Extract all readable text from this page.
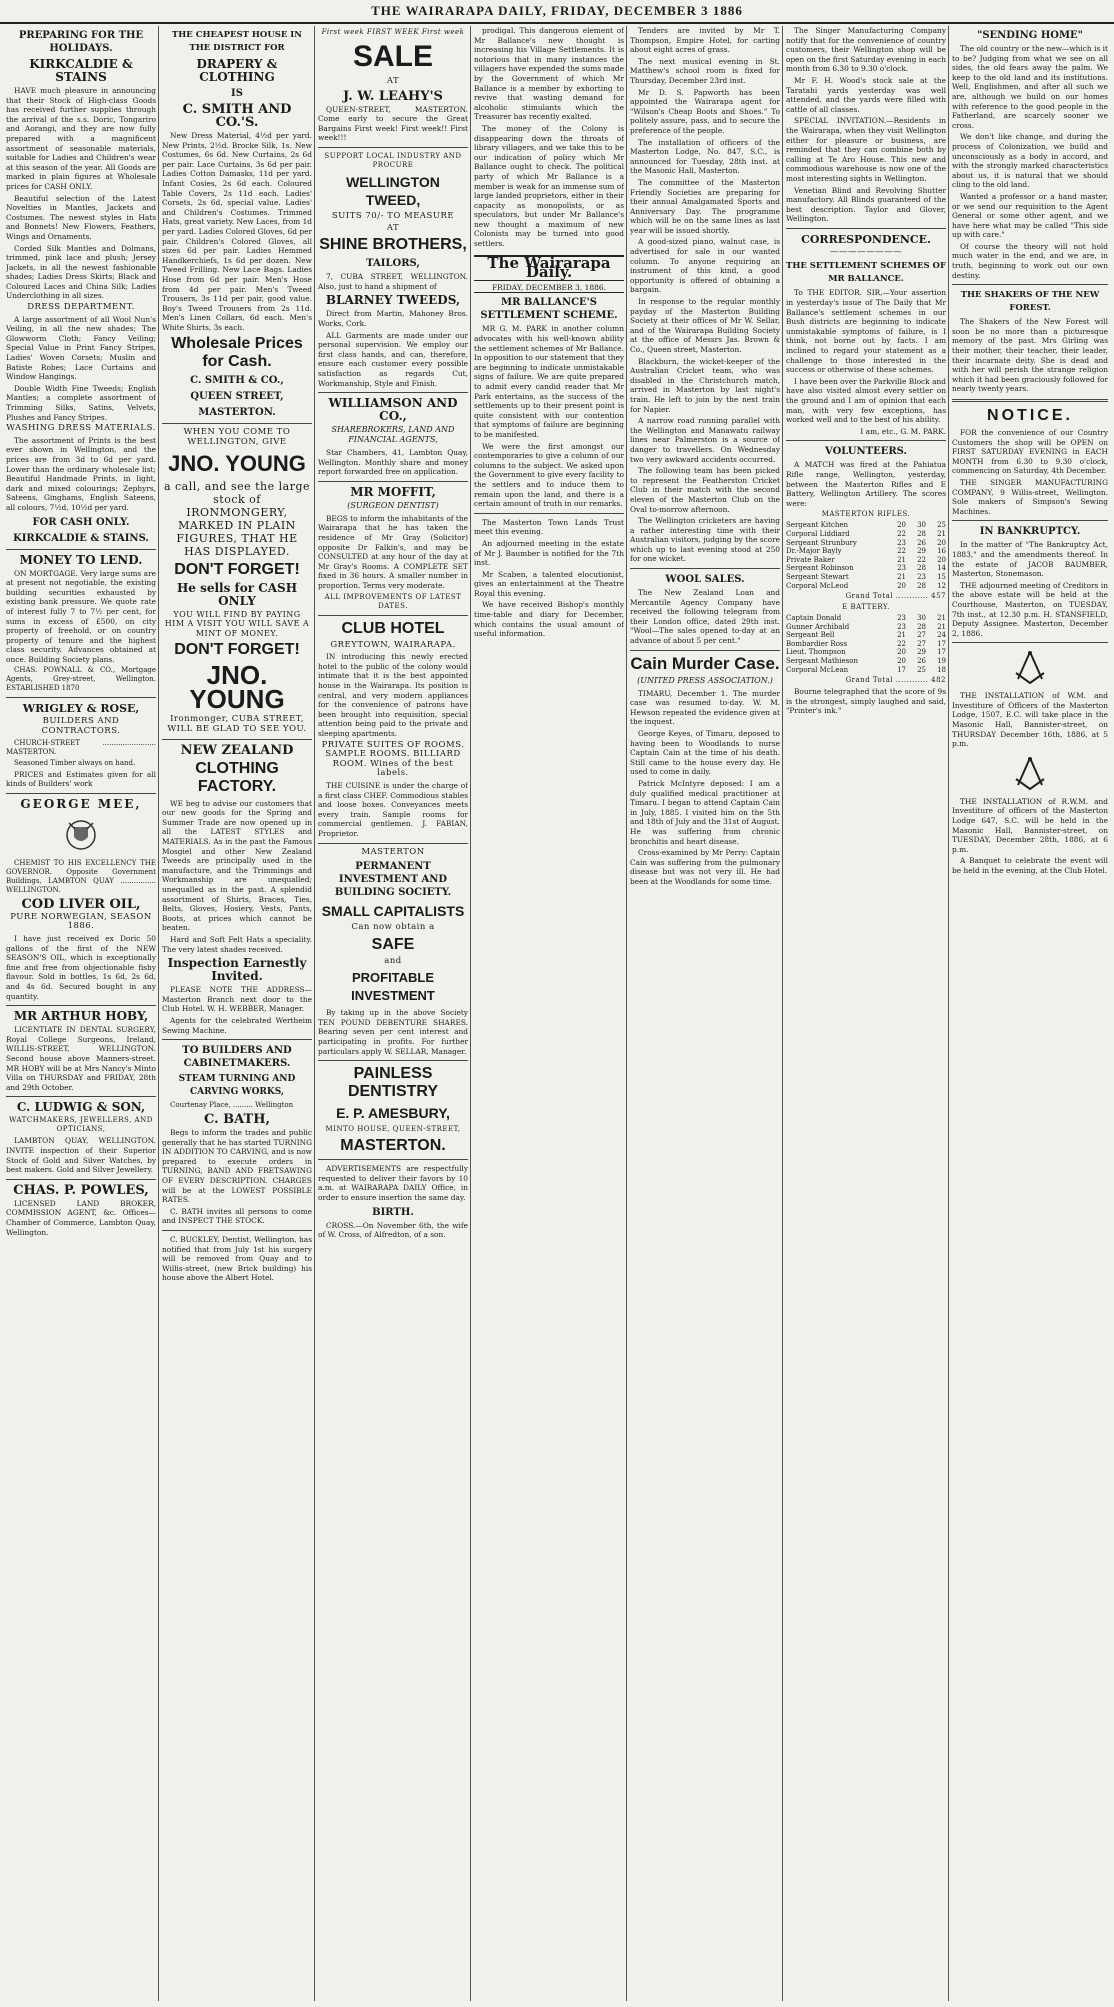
THE WAIRARAPA DAILY, FRIDAY, DECEMBER 3 1886
PREPARING FOR THE HOLIDAYS.
KIRKCALDIE & STAINS

HAVE much pleasure in announcing that their Stock of High-class Goods has received further supplies through the arrival of the s.s. Doric, Tongariro and Aorangi, and they are now fully prepared with a magnificent assortment of seasonable materials, suitable for Ladies and Children's wear at this season of the year. All Goods are marked in plain figures at Wholesale prices for CASH ONLY.

Beautiful selection of the Latest Novelties in Mantles, Jackets and Costumes. The newest styles in Hats and Bonnets! New Flowers, Feathers, Wings and Ornaments.

Corded Silk Mantles and Dolmans, trimmed, pink lace and plush; Jersey Jackets, in all the newest fashionable shades; Ladies Dress Skirts; Black and Coloured Laces and China Silk; Ladies Underclothing in all sizes.

DRESS DEPARTMENT.

A large assortment of all Wool Nun's Veiling, in all the new shades; The Glowworm Cloth; Fancy Veiling; Special Value in Print Fancy Stripes, Ladies' Woven Corsets; Muslin and Batiste Robes; Lace Curtains and Window Hangings.

Double Width Fine Tweeds; English Mantles; a complete assortment of Trimming Silks, Satins, Velvets, Plushes and Fancy Stripes.

WASHING DRESS MATERIALS.

The assortment of Prints is the best ever shown in Wellington, and the prices are from 3d to 6d per yard. Lower than the ordinary wholesale list; Beautiful Handmade Prints, in light, dark and mixed colourings; Zephyrs, Sateens, Ginghams, English Sateens, all colours, 7½d, 10½d per yard.

FOR CASH ONLY.
KIRKCALDIE & STAINS.
MONEY TO LEND.

ON MORTGAGE. Very large sums are at present not negotiable, the existing building securities exhausted by existing bank pressure. We quote rate of interest fully 7 to 7½ per cent, for sums in excess of £500, on city property of freehold, or on country property of tenure and the highest class security. Advances obtained at once. Building Society plans.

CHAS. POWNALL & CO., Mortgage Agents, Grey-street, Wellington. ESTABLISHED 1870

WRIGLEY & ROSE,
BUILDERS AND CONTRACTORS.

CHURCH-STREET ........................ MASTERTON.

Seasoned Timber always on hand.

PRICES and Estimates given for all kinds of Builders' work

GEORGE MEE,

CHEMIST TO HIS EXCELLENCY THE GOVERNOR. Opposite Government Buildings, LAMBTON QUAY ................ WELLINGTON.

COD LIVER OIL,
PURE NORWEGIAN, SEASON 1886.

I have just received ex Doric 50 gallons of the first of the NEW SEASON'S OIL, which is exceptionally fine and free from objectionable fishy flavour. Sold in bottles, 1s 6d, 2s 6d, and 4s 6d. Secured bought in any quantity.

MR ARTHUR HOBY,

LICENTIATE IN DENTAL SURGERY, Royal College Surgeons, Ireland, WILLIS-STREET, WELLINGTON. Second house above Manners-street. MR HOBY will be at Mrs Nancy's Minto Villa on THURSDAY and FRIDAY, 28th and 29th October.

C. LUDWIG & SON,
WATCHMAKERS, JEWELLERS, AND OPTICIANS,

LAMBTON QUAY, WELLINGTON. INVITE inspection of their Superior Stock of Gold and Silver Watches, by best makers. Gold and Silver Jewellery.

CHAS. P. POWLES,

LICENSED LAND BROKER, COMMISSION AGENT, &c. Offices—Chamber of Commerce, Lambton Quay, Wellington.

THE CHEAPEST HOUSE IN THE DISTRICT FOR
DRAPERY & CLOTHING
IS
C. SMITH AND CO.'S.

New Dress Material, 4½d per yard. New Prints, 2½d. Brocke Silk, 1s. New Costumes, 6s 6d. New Curtains, 2s 6d per pair. Lace Curtains, 3s 6d per pair. Ladies Cotton Damasks, 11d per yard. Infant Cosies, 2s 6d each. Coloured Table Covers, 2s 11d each. Ladies' Corsets, 2s 6d, special value. Ladies' and Children's Costumes. Trimmed Hats, great variety. New Laces, from 1d per yard. Ladies Colored Gloves, 6d per pair. Children's Colored Gloves, all sizes 6d per pair. Ladies Hemmed Handkerchiefs, 1s 6d per dozen. New Tweed Frilling. New Lace Bags. Ladies Hose from 6d per pair. Men's Hose from 4d per pair. Men's Tweed Trousers, 3s 11d per pair, good value. Boy's Tweed Trousers from 2s 11d. Men's Linen Collars, 6d each. Men's White Shirts, 3s each.

Wholesale Prices for Cash.
C. SMITH & CO.,
QUEEN STREET,
MASTERTON.
WHEN YOU COME TO WELLINGTON, GIVE
JNO. YOUNG
a call, and see the large stock of IRONMONGERY, MARKED IN PLAIN FIGURES, THAT HE HAS DISPLAYED.
DON'T FORGET!
He sells for CASH ONLY
YOU WILL FIND BY PAYING HIM A VISIT YOU WILL SAVE A MINT OF MONEY.
DON'T FORGET!
JNO. YOUNG
Ironmonger, CUBA STREET, WILL BE GLAD TO SEE YOU.
NEW ZEALAND
CLOTHING FACTORY.

WE beg to advise our customers that our new goods for the Spring and Summer Trade are now opened up in all the LATEST STYLES and MATERIALS. As in the past the Famous Mosgiel and other New Zealand Tweeds are principally used in the manufacture, and the Trimmings and Workmanship are unequalled; unequalled as in the past. A splendid assortment of Shirts, Braces, Ties, Belts, Gloves, Hosiery, Vests, Pants, Boots, at prices which cannot be beaten.

Hard and Soft Felt Hats a speciality. The very latest shades received.

Inspection Earnestly Invited.

PLEASE NOTE THE ADDRESS—Masterton Branch next door to the Club Hotel. W. H. WEBBER, Manager.

Agents for the celebrated Wertheim Sewing Machine.

TO BUILDERS AND CABINETMAKERS.
STEAM TURNING AND CARVING WORKS,

Courtenay Place, ......... Wellington

C. BATH,

Begs to inform the trades and public generally that he has started TURNING IN ADDITION TO CARVING, and is now prepared to execute orders in TURNING, BAND AND FRETSAWING OF EVERY DESCRIPTION. CHARGES will be at the LOWEST POSSIBLE RATES.

C. BATH invites all persons to come and INSPECT THE STOCK.

C. BUCKLEY, Dentist, Wellington, has notified that from July 1st his surgery will be removed from Quay and to Willis-street, (new Brick building) his house above the Albert Hotel.

First week FIRST WEEK First week
SALE
AT
J. W. LEAHY'S

QUEEN-STREET, MASTERTON. Come early to secure the Great Bargains First week! First week!! First week!!!

SUPPORT LOCAL INDUSTRY AND PROCURE
WELLINGTON TWEED,
SUITS 70/- TO MEASURE
AT
SHINE BROTHERS,
TAILORS,

7, CUBA STREET, WELLINGTON. Also, just to hand a shipment of

BLARNEY TWEEDS,

Direct from Martin, Mahoney Bros. Works, Cork.

ALL Garments are made under our personal supervision. We employ our first class hands, and can, therefore, ensure each customer every possible satisfaction as regards Cut, Workmanship, Style and Finish.

WILLIAMSON AND CO.,
SHAREBROKERS, LAND AND FINANCIAL AGENTS,

Star Chambers, 41, Lambton Quay, Wellington. Monthly share and money report forwarded free on application.

MR MOFFIT,
(SURGEON DENTIST)

BEGS to inform the inhabitants of the Wairarapa that he has taken the residence of Mr Gray (Solicitor) opposite Dr Falkin's, and may be CONSULTED at any hour of the day at Mr Gray's Rooms. A COMPLETE SET fixed in 36 hours. A smaller number in proportion. Terms very moderate.

ALL IMPROVEMENTS OF LATEST DATES.
CLUB HOTEL
GREYTOWN, WAIRARAPA.

IN introducing this newly erected hotel to the public of the colony would intimate that it is the best appointed house in the Wairarapa. Its position is central, and very modern appliances for the convenience of patrons have been brought into requisition, special attention being paid to the private and sleeping apartments.

PRIVATE SUITES OF ROOMS. SAMPLE ROOMS. BILLIARD ROOM. Wines of the best labels.

THE CUISINE is under the charge of a first class CHEF. Commodious stables and loose boxes. Conveyances meets every train. Sample rooms for commercial gentlemen. J. FABIAN, Proprietor.

MASTERTON
PERMANENT INVESTMENT AND BUILDING SOCIETY.
SMALL CAPITALISTS
Can now obtain a
SAFE
and
PROFITABLE INVESTMENT

By taking up in the above Society TEN POUND DEBENTURE SHARES. Bearing seven per cent interest and participating in profits. For further particulars apply W. SELLAR, Manager.

PAINLESS DENTISTRY
E. P. AMESBURY,
MINTO HOUSE, QUEEN-STREET,
MASTERTON.

ADVERTISEMENTS are respectfully requested to deliver their favors by 10 a.m. at WAIRARAPA DAILY Office, in order to ensure insertion the same day.

BIRTH.

CROSS.—On November 6th, the wife of W. Cross, of Alfredton, of a son.

prodigal. This dangerous element of Mr Ballance's new thought is increasing his Village Settlements. It is notorious that in many instances the villagers have expended the sums made by the Government of which Mr Ballance is a member by exhorting to revive that wasting demand for alcoholic stimulants which the Treasurer has recently exalted.

The money of the Colony is disappearing down the throats of library villagers, and we take this to be our indication of policy which Mr Ballance ought to check. The political party of which Mr Ballance is a member is weak for an immense sum of large landed proprietors, either in their capacity as monopolists, or as speculators, but under Mr Ballance's new thought a maximum of new Colonists may be turned into good settlers.

The Wairarapa Daily.
FRIDAY, DECEMBER 3, 1886.
MR BALLANCE'S SETTLEMENT SCHEME.

MR G. M. PARK in another column advocates with his well-known ability the settlement schemes of Mr Ballance. In opposition to our statement that they are beginning to indicate unmistakable signs of failure. We are quite prepared to admit every candid reader that Mr Park entertains, as the success of the settlements up to their present point is quite consistent with our contention that symptoms of failure are beginning to be manifested.

We were the first amongst our contemporaries to give a column of our columns to the subject. We asked upon the Government to give every facility to the settlers and to induce them to remain upon the land, and there is a certain amount of truth in our remarks.

The Masterton Town Lands Trust meet this evening.

An adjourned meeting in the estate of Mr J. Baumber is notified for the 7th inst.

Mr Scaben, a talented elocutionist, gives an entertainment at the Theatre Royal this evening.

We have received Bishop's monthly time-table and diary for December, which contains the usual amount of useful information.

Tenders are invited by Mr T. Thompson, Empire Hotel, for carting about eight acres of grass.

The next musical evening in St. Matthew's school room is fixed for Thursday, December 23rd inst.

Mr D. S. Papworth has been appointed the Wairarapa agent for "Wilson's Cheap Boots and Shoes." To politely assure, pass, and to secure the preference of the people.

The installation of officers of the Masterton Lodge, No. 847, S.C., is announced for Tuesday, 28th inst. at the Masonic Hall, Masterton.

The committee of the Masterton Friendly Societies are preparing for their annual Amalgamated Sports and Anniversary Day. The programme which will be on the same lines as last year will be issued shortly.

A good-sized piano, walnut case, is advertised for sale in our wanted column. To anyone requiring an instrument of this kind, a good opportunity is offered of obtaining a bargain.

In response to the regular monthly payday of the Masterton Building Society at their offices of Mr W. Sellar, and of the Wairarapa Building Society at the office of Messrs Jas. Brown & Co., Queen street, Masterton.

Blackburn, the wicket-keeper of the Australian Cricket team, who was disabled in the Christchurch match, arrived in Masterton by last night's train. He left to join by the next train for Napier.

A narrow road running parallel with the Wellington and Manawatu railway lines near Palmerston is a source of danger to travellers. On Wednesday two very awkward accidents occurred.

The following team has been picked to represent the Featherston Cricket Club in their match with the second eleven of the Masterton Club on the Oval to-morrow afternoon.

The Wellington cricketers are having a rather interesting time with their Australian visitors, judging by the score which up to last evening stood at 250 for one wicket.

WOOL SALES.

The New Zealand Loan and Mercantile Agency Company have received the following telegram from their London office, dated 29th inst. "Wool—The sales opened to-day at an advance of about 5 per cent."

Cain Murder Case.
(UNITED PRESS ASSOCIATION.)

TIMARU, December 1. The murder case was resumed to-day. W. M. Hewson repeated the evidence given at the inquest.

George Keyes, of Timaru, deposed to having been to Woodlands to nurse Captain Cain at the time of his death. Still came to the house every day. He used to come in daily.

Patrick McIntyre deposed: I am a duly qualified medical practitioner at Timaru. I began to attend Captain Cain in July, 1885. I visited him on the 5th and 18th of July and the 31st of August. He was suffering from chronic bronchitis and heart disease.

Cross-examined by Mr Perry: Captain Cain was suffering from the pulmonary disease but was not very ill. He had been at the Woodlands for some time.

The Singer Manufacturing Company notify that for the convenience of country customers, their Wellington shop will be open on the first Saturday evening in each month from 6.30 to 9.30 o'clock.

Mr F. H. Wood's stock sale at the Taratahi yards yesterday was well attended, and the yards were filled with cattle of all classes.

SPECIAL INVITATION.—Residents in the Wairarapa, when they visit Wellington either for pleasure or business, are reminded that they can combine both by calling at Te Aro House. This new and commodious warehouse is now one of the most interesting sights in Wellington.

Venetian Blind and Revolving Shutter manufactory. All Blinds guaranteed of the best description. Taylor and Glover, Wellington.

CORRESPONDENCE.
————————
THE SETTLEMENT SCHEMES OF MR BALLANCE.

To THE EDITOR. SIR,—Your assertion in yesterday's issue of The Daily that Mr Ballance's settlement schemes in our Bush districts are beginning to indicate unmistakable symptoms of failure, is I think, not borne out by facts. I am inclined to regard your statement as a challenge to those interested in the success or otherwise of these schemes.

I have been over the Parkville Block and have also visited almost every settler on the ground and I am of opinion that each man, with very few exceptions, has worked well and to the best of his ability.

I am, etc., G. M. PARK.

VOLUNTEERS.

A MATCH was fired at the Pahiatua Rifle range, Wellington, yesterday, between the Masterton Rifles and E Battery, Wellington Artillery. The scores were:

MASTERTON RIFLES.
Sergeant Kitchen	20	30	25
Corporal Liddiard	22	28	21
Sergeant Strunbury	23	26	20
Dr.-Major Bayly	22	29	16
Private Baker	21	22	20
Sergeant Robinson	23	28	14
Sergeant Stewart	21	23	15
Corporal McLeod	20	28	12
Grand Total ............ 457
E BATTERY.
Captain Donald	23	30	21
Gunner Archibald	23	28	21
Sergeant Bell	21	27	24
Bombardier Ross	22	27	17
Lieut. Thompson	20	29	17
Sergeant Mathieson	20	26	19
Corporal McLean	17	25	18
Grand Total ............ 482

Bourne telegraphed that the score of 9s is the strongest, simply laughed and said, "Printer's ink."

"SENDING HOME"

The old country or the new—which is it to be? Judging from what we see on all sides, the old fears away the palm. We keep to the old land and its institutions. Well, Englishmen, and after all such we are, although we build on our homes with reference to the good people in the Fatherland, are scarcely sooner we cross.

We don't like change, and during the process of Colonization, we build and unconsciously as a body in accord, and with the strongly marked characteristics about us, it is natural that we should cling to the old land.

Wanted a professor or a hand master, or we send our requisition to the Agent General or some other agent, and we have here what may be called "This side up with care."

Of course the theory will not hold much water in the end, and we are, in truth, beginning to work out our own destiny.

THE SHAKERS OF THE NEW FOREST.

The Shakers of the New Forest will soon be no more than a picturesque memory of the past. Mrs Girling was their mother, their teacher, their leader, their incarnate deity. She is dead and with her will perish the strange religion which it had been graciously followed for nearly twenty years.

NOTICE.

FOR the convenience of our Country Customers the shop will be OPEN on FIRST SATURDAY EVENING in EACH MONTH from 6.30 to 9.30 o'clock, commencing on Saturday, 4th December.

THE SINGER MANUFACTURING COMPANY, 9 Willis-street, Wellington. Sole makers of Simpson's Sewing Machines.

IN BANKRUPTCY.

In the matter of "The Bankruptcy Act, 1883," and the amendments thereof. In the estate of JACOB BAUMBER, Masterton, Stonemason.

THE adjourned meeting of Creditors in the above estate will be held at the Courthouse, Masterton, on TUESDAY, 7th inst., at 12.30 p.m. H. STANSFIELD, Deputy Assignee. Masterton, December 2, 1886.

THE INSTALLATION of W.M. and Investiture of Officers of the Masterton Lodge, 1507, E.C. will take place in the Masonic Hall, Bannister-street, on THURSDAY December 16th, 1886, at 5 p.m.

THE INSTALLATION of R.W.M. and Investiture of officers of the Masterton Lodge 647, S.C. will be held in the Masonic Hall, Bannister-street, on TUESDAY, December 28th, 1886, at 6 p.m.

A Banquet to celebrate the event will be held in the evening, at the Club Hotel.
